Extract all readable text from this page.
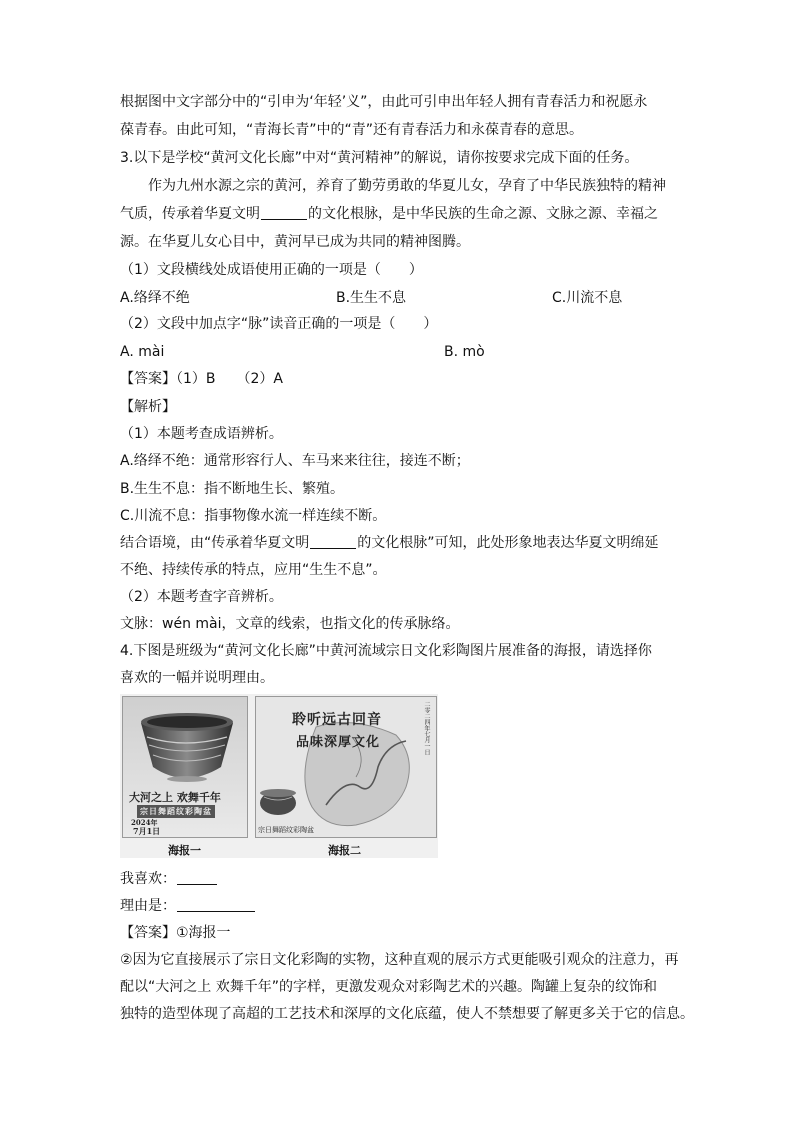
根据图中文字部分中的“引申为‘年轻’义”，由此可引申出年轻人拥有青春活力和祝愿永
葆青春。由此可知，“青海长青”中的“青”还有青春活力和永葆青春的意思。
3.以下是学校“黄河文化长廊”中对“黄河精神”的解说，请你按要求完成下面的任务。
作为九州水源之宗的黄河，养育了勤劳勇敢的华夏儿女，孕育了中华民族独特的精神
气质，传承着华夏文明	的文化根脉，是中华民族的生命之源、文脉之源、幸福之
源。在华夏儿女心目中，黄河早已成为共同的精神图腾。
（1）文段横线处成语使用正确的一项是（　　）
A.络绎不绝	B.生生不息	C.川流不息
（2）文段中加点字“脉”读音正确的一项是（　　）
A. mài	B. mò
【答案】（1）B　　（2）A
【解析】
（1）本题考查成语辨析。
A.络绎不绝：通常形容行人、车马来来往往，接连不断；
B.生生不息：指不断地生长、繁殖。
C.川流不息：指事物像水流一样连续不断。
结合语境，由“传承着华夏文明	的文化根脉”可知，此处形象地表达华夏文明绵延
不绝、持续传承的特点，应用“生生不息”。
（2）本题考查字音辨析。
文脉：wén mài，文章的线索，也指文化的传承脉络。
4.下图是班级为“黄河文化长廊”中黄河流域宗日文化彩陶图片展准备的海报，请选择你
喜欢的一幅并说明理由。
大河之上 欢舞千年
宗日舞蹈纹彩陶盆
2024年
7月1日
聆听远古回音
品味深厚文化	二零二四年七月一日
宗日舞蹈纹彩陶盆
海报一	海报二
我喜欢：
理由是：
【答案】①海报一
②因为它直接展示了宗日文化彩陶的实物，这种直观的展示方式更能吸引观众的注意力，再
配以“大河之上 欢舞千年”的字样，更激发观众对彩陶艺术的兴趣。陶罐上复杂的纹饰和
独特的造型体现了高超的工艺技术和深厚的文化底蕴，使人不禁想要了解更多关于它的信息。
